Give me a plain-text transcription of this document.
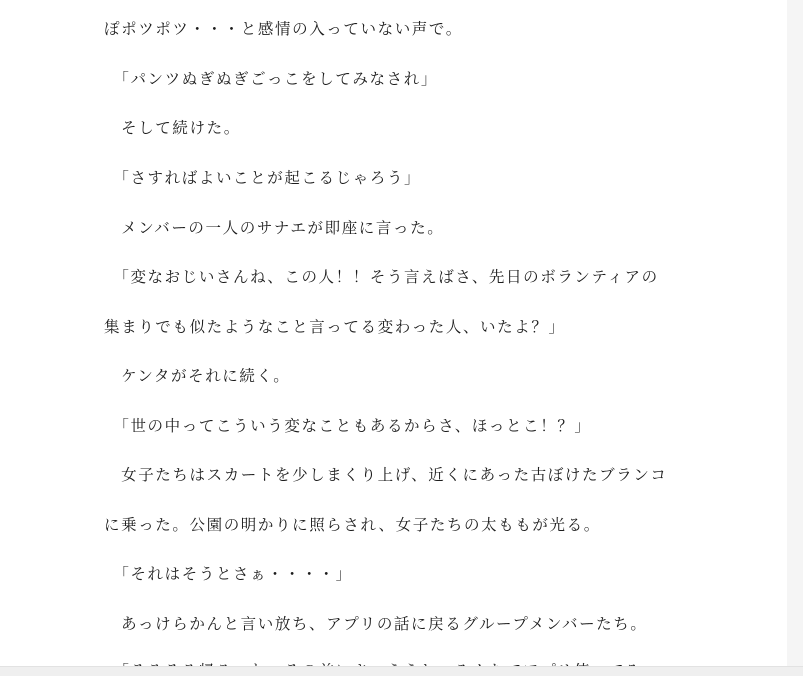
ぽポツポツ・・・と感情の入っていない声で。
　「パンツぬぎぬぎごっこをしてみなされ」
　そして続けた。
　「さすればよいことが起こるじゃろう」
　メンバーの一人のサナエが即座に言った。
　「変なおじいさんね、この人！！そう言えばさ、先日のボランティアの
集まりでも似たようなこと言ってる変わった人、いたよ？」
　ケンタがそれに続く。
　「世の中ってこういう変なこともあるからさ、ほっとこ！？」
　女子たちはスカートを少しまくり上げ、近くにあった古ぼけたブランコ
に乗った。公園の明かりに照らされ、女子たちの太ももが光る。
　「それはそうとさぁ・・・・」
　あっけらかんと言い放ち、アプリの話に戻るグループメンバーたち。
